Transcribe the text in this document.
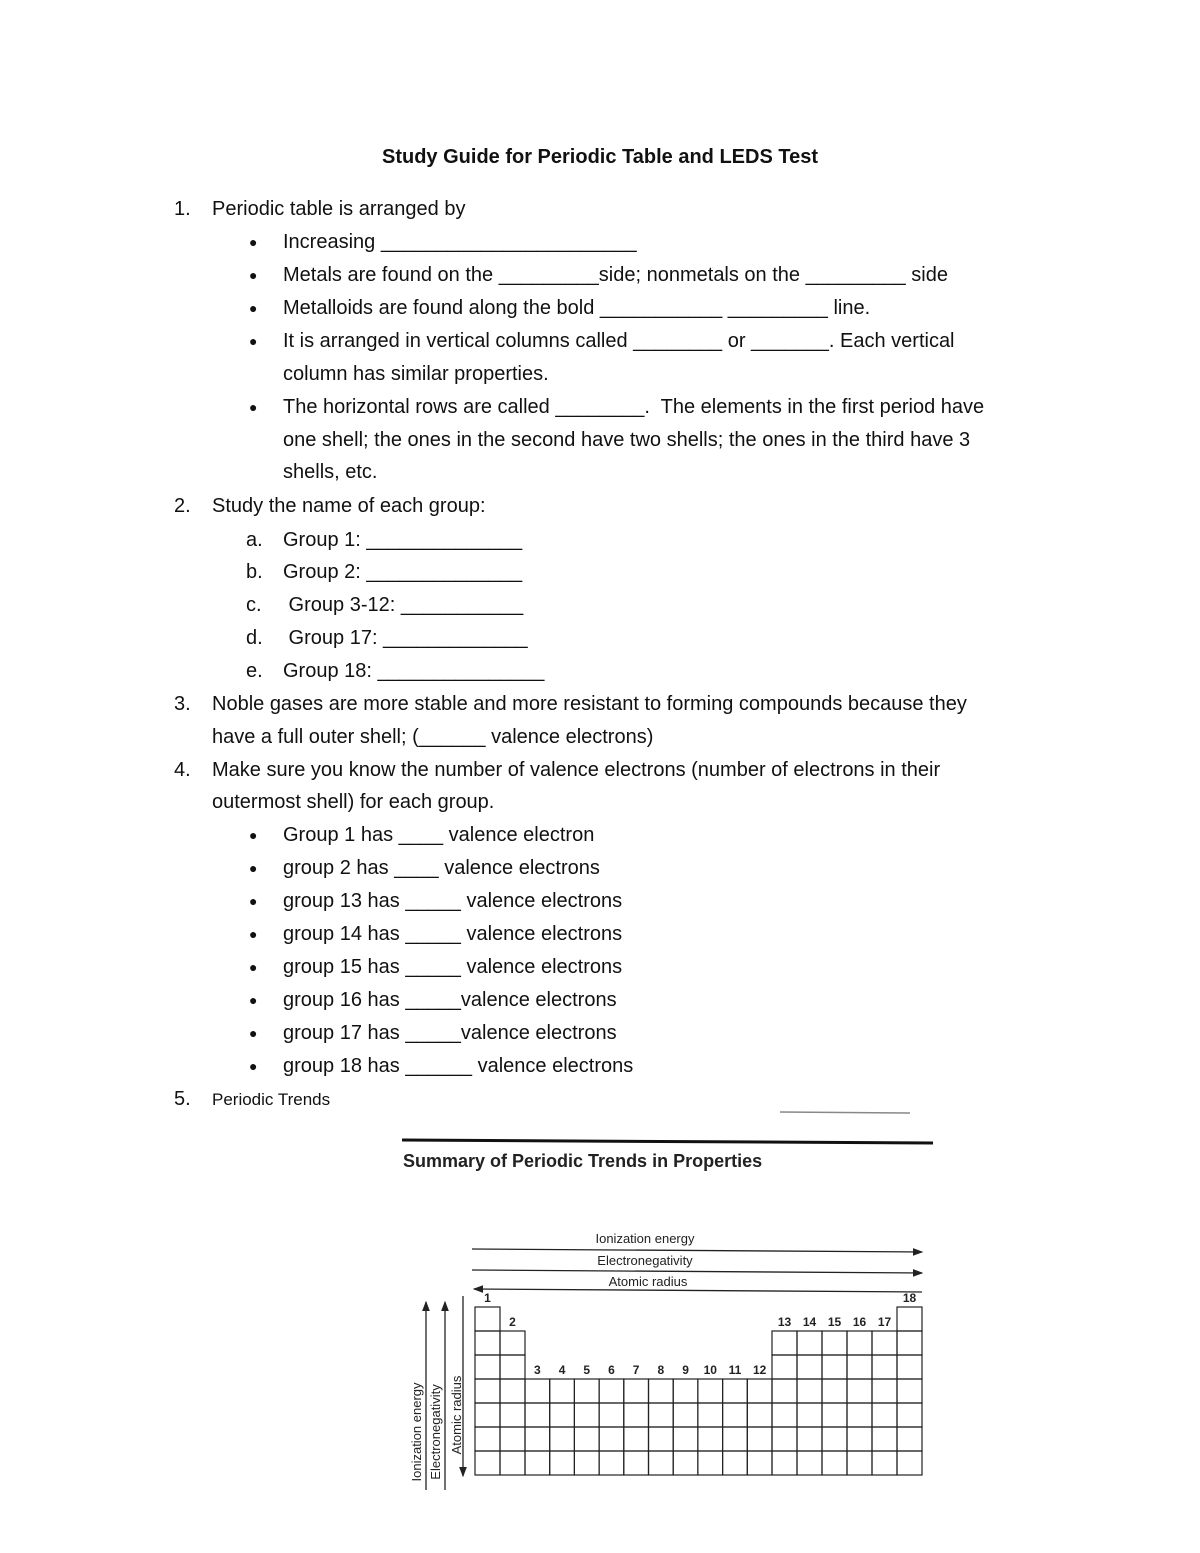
Study Guide for Periodic Table and LEDS Test
1. Periodic table is arranged by
● Increasing _______________________
● Metals are found on the _________side; nonmetals on the _________ side
● Metalloids are found along the bold ___________ _________ line.
● It is arranged in vertical columns called ________ or _______. Each vertical
column has similar properties.
● The horizontal rows are called ________.  The elements in the first period have
one shell; the ones in the second have two shells; the ones in the third have 3
shells, etc.
2. Study the name of each group:
a. Group 1: ______________
b. Group 2: ______________
c. Group 3-12: ___________
d. Group 17: _____________
e. Group 18: _______________
3. Noble gases are more stable and more resistant to forming compounds because they
have a full outer shell; (______ valence electrons)
4. Make sure you know the number of valence electrons (number of electrons in their
outermost shell) for each group.
● Group 1 has ____ valence electron
● group 2 has ____ valence electrons
● group 13 has _____ valence electrons
● group 14 has _____ valence electrons
● group 15 has _____ valence electrons
● group 16 has _____valence electrons
● group 17 has _____valence electrons
● group 18 has ______ valence electrons
5. Periodic Trends
Summary of Periodic Trends in Properties
Ionization energy
Electronegativity
Atomic radius
Ionization energy Electronegativity Atomic radius
1
2
3 4 5 6 7 8 9 10 11 12
13 14 15 16 17
18
